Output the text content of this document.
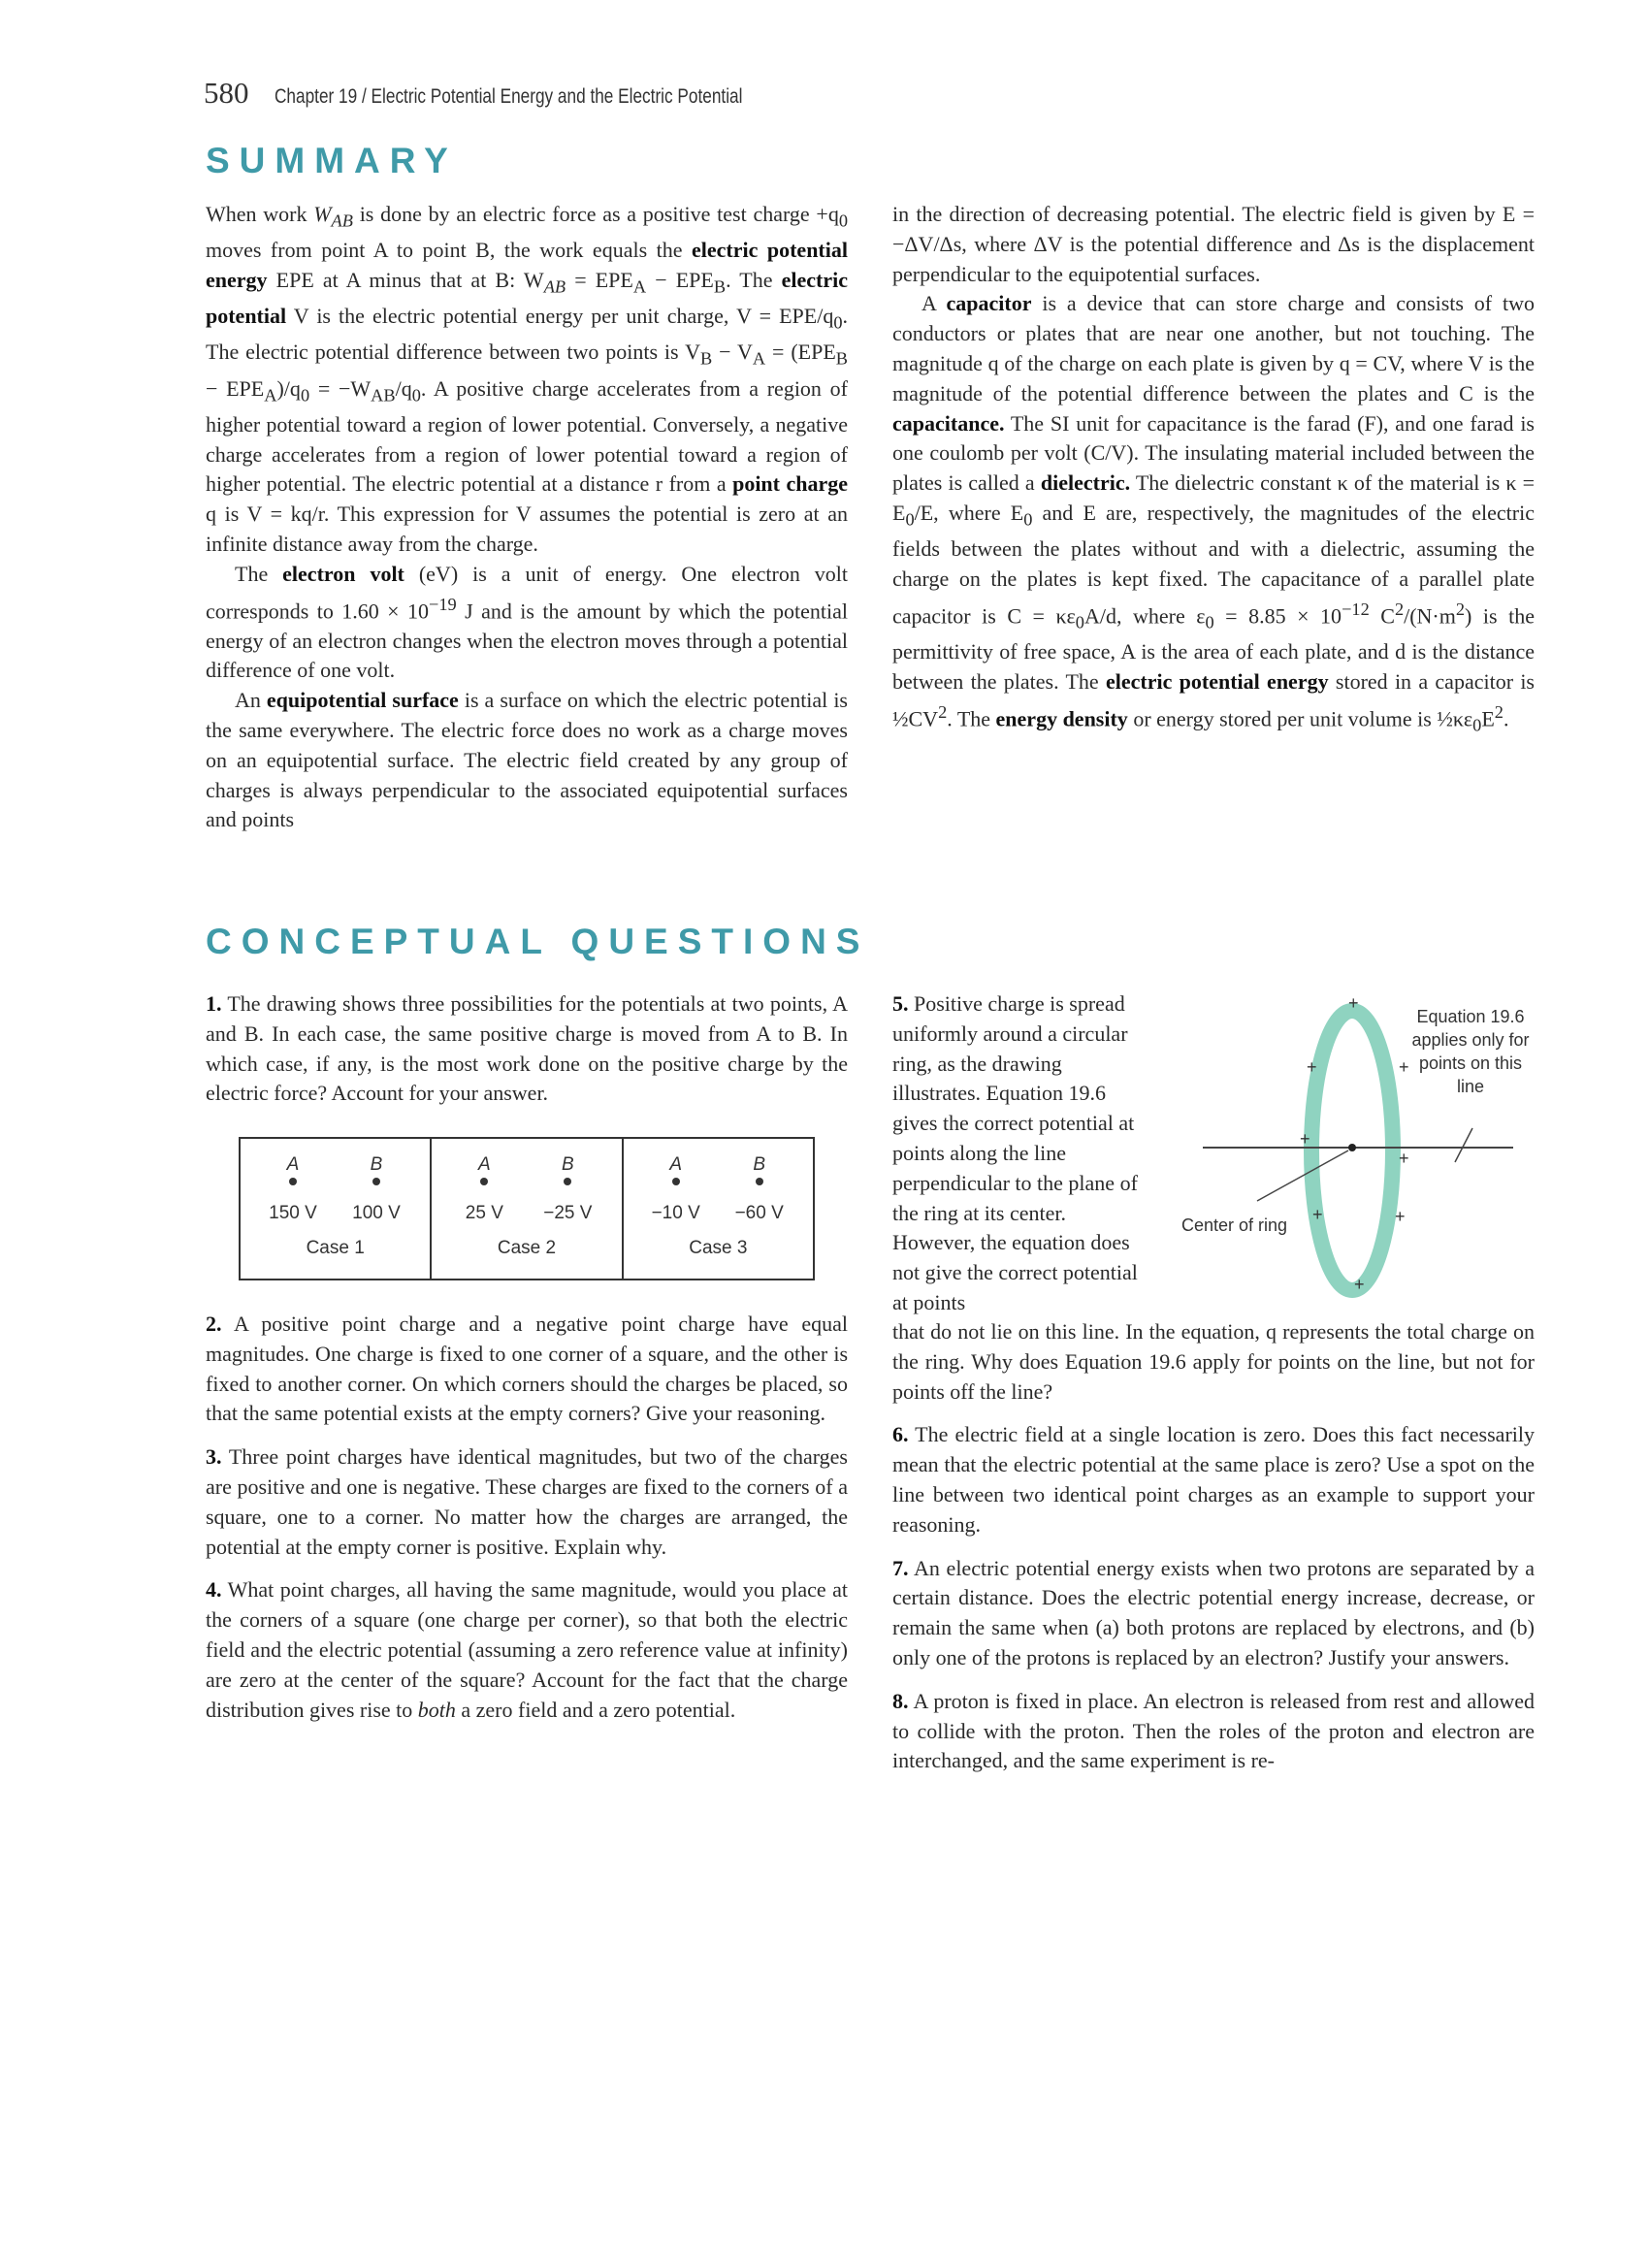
580 Chapter 19 / Electric Potential Energy and the Electric Potential
SUMMARY

When work $W_{AB}$ is done by an electric force as a positive test charge $+q_0$ moves from point A to point B, the work equals the electric potential energy EPE at A minus that at B: $W_{AB} = EPE_A - EPE_B$. The electric potential V is the electric potential energy per unit charge, V = EPE/$q_0$. The electric potential difference between two points is $V_B - V_A = (EPE_B - EPE_A)/q_0 = -W_{AB}/q_0$. A positive charge accelerates from a region of higher potential toward a region of lower potential. Conversely, a negative charge accelerates from a region of lower potential toward a region of higher potential. The electric potential at a distance r from a point charge q is V = kq/r. This expression for V assumes the potential is zero at an infinite distance away from the charge.

The electron volt (eV) is a unit of energy. One electron volt corresponds to $1.60 \times 10^{-19}$ J and is the amount by which the potential energy of an electron changes when the electron moves through a potential difference of one volt.

An equipotential surface is a surface on which the electric potential is the same everywhere. The electric force does no work as a charge moves on an equipotential surface. The electric field created by any group of charges is always perpendicular to the associated equipotential surfaces and points

in the direction of decreasing potential. The electric field is given by E = −ΔV/Δs, where ΔV is the potential difference and Δs is the displacement perpendicular to the equipotential surfaces.

A capacitor is a device that can store charge and consists of two conductors or plates that are near one another, but not touching. The magnitude q of the charge on each plate is given by q = CV, where V is the magnitude of the potential difference between the plates and C is the capacitance. The SI unit for capacitance is the farad (F), and one farad is one coulomb per volt (C/V). The insulating material included between the plates is called a dielectric. The dielectric constant κ of the material is $\kappa = E_0/E$, where $E_0$ and E are, respectively, the magnitudes of the electric fields between the plates without and with a dielectric, assuming the charge on the plates is kept fixed. The capacitance of a parallel plate capacitor is $C = \kappa\varepsilon_0A/d$, where $\varepsilon_0 = 8.85 \times 10^{-12}$ $C^2/(N\cdot m^2)$ is the permittivity of free space, A is the area of each plate, and d is the distance between the plates. The electric potential energy stored in a capacitor is $\frac{1}{2}CV^2$. The energy density or energy stored per unit volume is $\frac{1}{2}\kappa\varepsilon_0E^2$.

CONCEPTUAL QUESTIONS

1. The drawing shows three possibilities for the potentials at two points, A and B. In each case, the same positive charge is moved from A to B. In which case, if any, is the most work done on the positive charge by the electric force? Account for your answer.

A	B
150 V	100 V
Case 1
A	B
25 V	−25 V
Case 2
A	B
−10 V	−60 V
Case 3

2. A positive point charge and a negative point charge have equal magnitudes. One charge is fixed to one corner of a square, and the other is fixed to another corner. On which corners should the charges be placed, so that the same potential exists at the empty corners? Give your reasoning.

3. Three point charges have identical magnitudes, but two of the charges are positive and one is negative. These charges are fixed to the corners of a square, one to a corner. No matter how the charges are arranged, the potential at the empty corner is positive. Explain why.

4. What point charges, all having the same magnitude, would you place at the corners of a square (one charge per corner), so that both the electric field and the electric potential (assuming a zero reference value at infinity) are zero at the center of the square? Account for the fact that the charge distribution gives rise to both a zero field and a zero potential.

5. Positive charge is spread uniformly around a circular ring, as the drawing illustrates. Equation 19.6 gives the correct potential at points along the line perpendicular to the plane of the ring at its center. However, the equation does not give the correct potential at points

+
+
+
+
+
+	+
+
Equation 19.6
applies only for
points on this
line
Center of ring

that do not lie on this line. In the equation, q represents the total charge on the ring. Why does Equation 19.6 apply for points on the line, but not for points off the line?

6. The electric field at a single location is zero. Does this fact necessarily mean that the electric potential at the same place is zero? Use a spot on the line between two identical point charges as an example to support your reasoning.

7. An electric potential energy exists when two protons are separated by a certain distance. Does the electric potential energy increase, decrease, or remain the same when (a) both protons are replaced by electrons, and (b) only one of the protons is replaced by an electron? Justify your answers.

8. A proton is fixed in place. An electron is released from rest and allowed to collide with the proton. Then the roles of the proton and electron are interchanged, and the same experiment is re-
